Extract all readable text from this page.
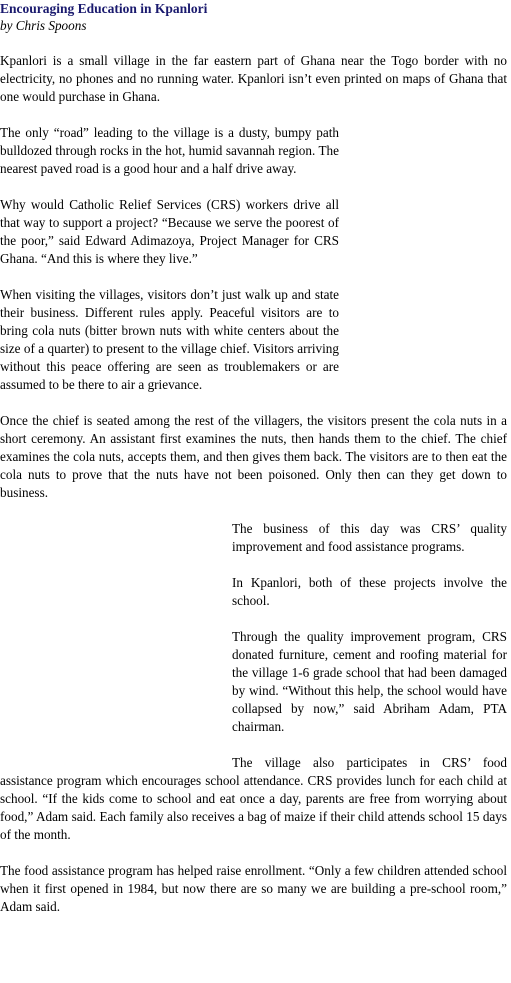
Encouraging Education in Kpanlori
by Chris Spoons

Kpanlori is a small village in the far eastern part of Ghana near the Togo border with no electricity, no phones and no running water. Kpanlori isn’t even printed on maps of Ghana that one would purchase in Ghana.

The only “road” leading to the village is a dusty, bumpy path bulldozed through rocks in the hot, humid savannah region. The nearest paved road is a good hour and a half drive away.

Why would Catholic Relief Services (CRS) workers drive all that way to support a project? “Because we serve the poorest of the poor,” said Edward Adimazoya, Project Manager for CRS Ghana. “And this is where they live.”

When visiting the villages, visitors don’t just walk up and state their business. Different rules apply. Peaceful visitors are to bring cola nuts (bitter brown nuts with white centers about the size of a quarter) to present to the village chief. Visitors arriving without this peace offering are seen as troublemakers or are assumed to be there to air a grievance.

Once the chief is seated among the rest of the villagers, the visitors present the cola nuts in a short ceremony. An assistant first examines the nuts, then hands them to the chief. The chief examines the cola nuts, accepts them, and then gives them back. The visitors are to then eat the cola nuts to prove that the nuts have not been poisoned. Only then can they get down to business.

The business of this day was CRS’ quality improvement and food assistance programs.

In Kpanlori, both of these projects involve the school.

Through the quality improvement program, CRS donated furniture, cement and roofing material for the village 1-6 grade school that had been damaged by wind. “Without this help, the school would have collapsed by now,” said Abriham Adam, PTA chairman.

The village also participates in CRS’ food assistance program which encourages school attendance. CRS provides lunch for each child at school. “If the kids come to school and eat once a day, parents are free from worrying about food,” Adam said. Each family also receives a bag of maize if their child attends school 15 days of the month.

The food assistance program has helped raise enrollment. “Only a few children attended school when it first opened in 1984, but now there are so many we are building a pre-school room,” Adam said.
